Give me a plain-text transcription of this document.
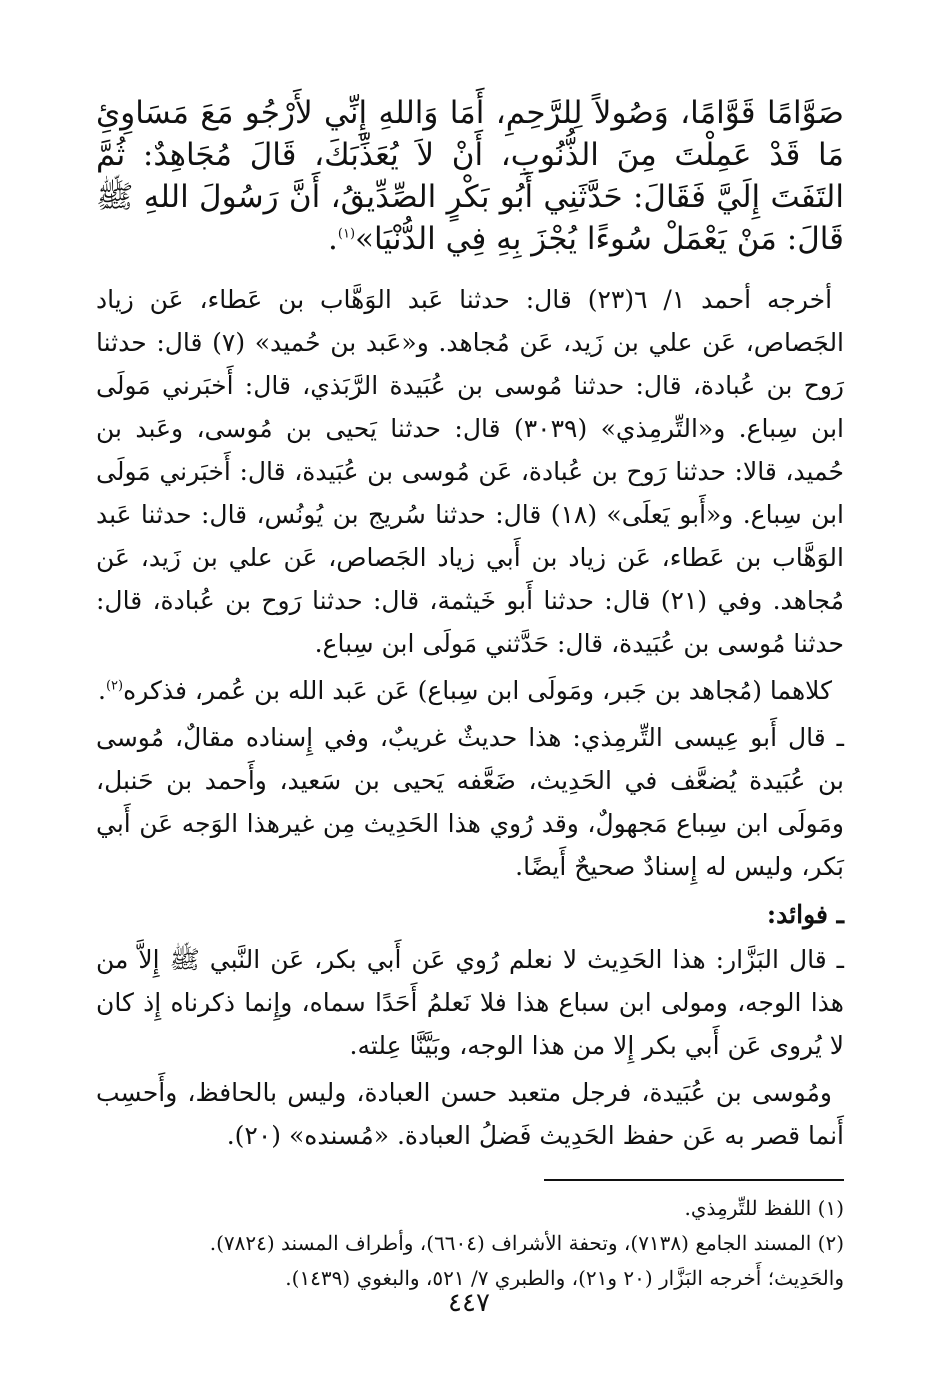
صَوَّامًا قَوَّامًا، وَصُولاً لِلرَّحِمِ، أَمَا وَاللهِ إِنِّي لأَرْجُو مَعَ مَسَاوِئِ مَا قَدْ عَمِلْتَ مِنَ الذُّنُوبِ، أَنْ لاَ يُعَذِّبَكَ، قَالَ مُجَاهِدٌ: ثُمَّ التَفَتَ إِلَيَّ فَقَالَ: حَدَّثَنِي أَبُو بَكْرٍ الصِّدِّيقُ، أَنَّ رَسُولَ اللهِ ﷺ قَالَ: مَنْ يَعْمَلْ سُوءًا يُجْزَ بِهِ فِي الدُّنْيَا»$^{(١)}$.

أخرجه أحمد ١/ ٦(٢٣) قال: حدثنا عَبد الوَهَّاب بن عَطاء، عَن زياد الجَصاص، عَن علي بن زَيد، عَن مُجاهد. و«عَبد بن حُميد» (٧) قال: حدثنا رَوح بن عُبادة، قال: حدثنا مُوسى بن عُبَيدة الرَّبَذي، قال: أَخبَرني مَولَى ابن سِباع. و«التِّرمِذي» (٣٠٣٩) قال: حدثنا يَحيى بن مُوسى، وعَبد بن حُميد، قالا: حدثنا رَوح بن عُبادة، عَن مُوسى بن عُبَيدة، قال: أَخبَرني مَولَى ابن سِباع. و«أَبو يَعلَى» (١٨) قال: حدثنا سُريج بن يُونُس، قال: حدثنا عَبد الوَهَّاب بن عَطاء، عَن زياد بن أَبي زياد الجَصاص، عَن علي بن زَيد، عَن مُجاهد. وفي (٢١) قال: حدثنا أَبو خَيثمة، قال: حدثنا رَوح بن عُبادة، قال: حدثنا مُوسى بن عُبَيدة، قال: حَدَّثني مَولَى ابن سِباع.

كلاهما (مُجاهد بن جَبر، ومَولَى ابن سِباع) عَن عَبد الله بن عُمر، فذكره$^{(٢)}$.

ـ قال أَبو عِيسى التِّرمِذي: هذا حديثٌ غريبٌ، وفي إِسناده مقالٌ، مُوسى بن عُبَيدة يُضعَّف في الحَدِيث، ضَعَّفه يَحيى بن سَعيد، وأَحمد بن حَنبل، ومَولَى ابن سِباع مَجهولٌ، وقد رُوي هذا الحَدِيث مِن غيرهذا الوَجه عَن أَبي بَكر، وليس له إِسنادٌ صحيحٌ أَيضًا.

ـ فوائد:

ـ قال البَزَّار: هذا الحَدِيث لا نعلم رُوي عَن أَبي بكر، عَن النَّبي ﷺ إِلاَّ من هذا الوجه، ومولى ابن سباع هذا فلا نَعلمُ أَحَدًا سماه، وإِنما ذكرناه إِذ كان لا يُروى عَن أَبي بكر إِلا من هذا الوجه، وبَيَّنَّا عِلته.

ومُوسى بن عُبَيدة، فرجل متعبد حسن العبادة، وليس بالحافظ، وأَحسِب أَنما قصر به عَن حفظ الحَدِيث فَضلُ العبادة. «مُسنده» (٢٠).

(١) اللفظ للتِّرمِذي.

(٢) المسند الجامع (٧١٣٨)، وتحفة الأشراف (٦٦٠٤)، وأطراف المسند (٧٨٢٤).

والحَدِيث؛ أَخرجه البَزَّار (٢٠ و٢١)، والطبري ٧/ ٥٢١، والبغوي (١٤٣٩).

٤٤٧
